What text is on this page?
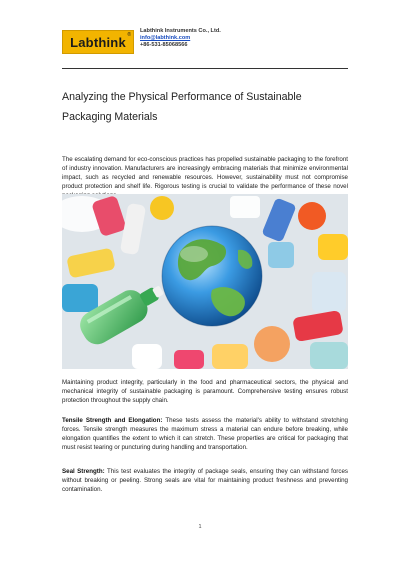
Labthink ®
Labthink Instruments Co., Ltd.
info@labthink.com
+86-531-85068566
Analyzing the Physical Performance of Sustainable Packaging Materials

The escalating demand for eco-conscious practices has propelled sustainable packaging to the forefront of industry innovation. Manufacturers are increasingly embracing materials that minimize environmental impact, such as recycled and renewable resources. However, sustainability must not compromise product protection and shelf life. Rigorous testing is crucial to validate the performance of these novel

Maintaining product integrity, particularly in the food and pharmaceutical sectors, the physical and mechanical integrity of sustainable packaging is paramount. Comprehensive testing ensures robust protection throughout the supply chain.

Tensile Strength and Elongation: These tests assess the material's ability to withstand stretching forces. Tensile strength measures the maximum stress a material can endure before breaking, while elongation quantifies the extent to which it can stretch. These properties are critical for packaging that must resist tearing or puncturing during handling and transportation.

Seal Strength: This test evaluates the integrity of package seals, ensuring they can withstand forces without breaking or peeling. Strong seals are vital for maintaining product freshness and preventing contamination.

1
